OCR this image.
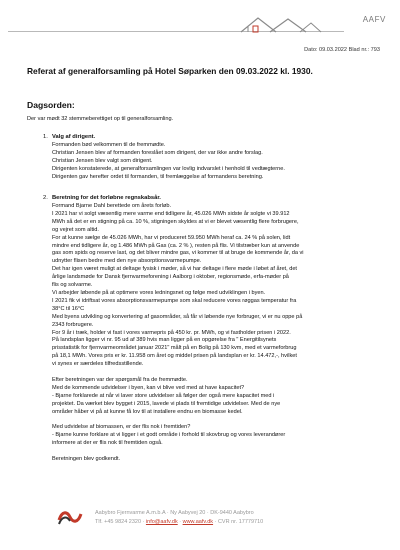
AAFV
Dato: 09.03.2022 Blad nr.: 793
Referat af generalforsamling på Hotel Søparken den 09.03.2022 kl. 1930.
Dagsorden:
Der var mødt 32 stemmeberettiget op til generalforsamling.
1. Valg af dirigent.
Formanden bød velkommen til de fremmødte.
Christian Jensen blev af formanden foreslået som dirigent, der var ikke andre forslag.
Christian Jensen blev valgt som dirigent.
Dirigenten konstaterede, at generalforsamlingen var lovlig indvarslet i henhold til vedtægterne.
Dirigenten gav herefter ordet til formanden, til fremlæggelse af formandens beretning.
2. Beretning for det forløbne regnskabsår.
Formand Bjarne Dahl berettede om årets forløb.
I 2021 har vi solgt væsentlig mere varme end tidligere år, 45.026 MWh sidste år solgte vi 39.912
MWh så det er en stigning på ca. 10 %, stigningen skyldes at vi er blevet væsentlig flere forbrugere,
og vejret som altid.
For at kunne sælge de 45.026 MWh, har vi produceret 59.950 MWh heraf ca. 24 % på solen, lidt
mindre end tidligere år, og 1.486 MWh på Gas (ca. 2 % ), resten på flis. Vi tilstræber kun at anvende
gas som spids og reserve last, og det bliver mindre gas, vi kommer til at bruge de kommende år, da vi
udnytter flisen bedre med den nye absorptionsvarmepumpe.
Det har igen været muligt at deltage fysisk i møder, så vi har deltage i flere møde i løbet af året, det
årlige landsmøde for Dansk fjernvarmeforening i Aalborg i oktober, regionsmøde, erfa-møder på
flis og solvarme.
Vi arbejder løbende på at optimere vores ledningsnet og følge med udviklingen i byen.
I 2021 fik vi idriftsat vores absorptionsvarmepumpe som skal reducere vores røggas temperatur fra
38°C til 16°C
Med byens udvikling og konvertering af gasområder, så får vi løbende nye forbruger, vi er nu oppe på
2343 forbrugere.
For 9 år i træk, holder vi fast i vores varmepris på 450 kr. pr. MWh, og vi fastholder prisen i 2022.
På landsplan ligger vi nr. 95 ud af 389 hvis man ligger på en opgørelse fra " Energitilsynets
prisstatistik for fjernvarmeområdet januar 2021" målt på en Bolig på 130 kvm, med et varmeforbrug
på 18,1 MWh. Vores pris er kr. 11.958 om året og middel prisen på landsplan er kr. 14.472,-, hvilket
vi synes er særdeles tilfredsstillende.

Efter beretningen var der spørgsmål fra de fremmødte.
Med de kommende udvidelser i byen, kan vi blive ved med at have kapacitet?
- Bjarne forklarede at når vi laver store udvidelser så følger der også mere kapacitet med i
projektet. Da værket blev bygget i 2015, lavede vi plads til fremtidige udvidelser. Med de nye
områder håber vi på at kunne få lov til at installere endnu en biomasse kedel.

Med udvidelse af biomassen, er der flis nok i fremtiden?
- Bjarne kunne forklare at vi ligger i et godt område i forhold til skovbrug og vores leverandører
informere at der er flis nok til fremtiden også.

Beretningen blev godkendt.
Aabybro Fjernvarme A.m.b.A · Ny Aabyvej 20 · DK-9440 Aabybro
Tlf. +45 9824 2320 · info@aafv.dk · www.aafv.dk · CVR nr. 17779710
